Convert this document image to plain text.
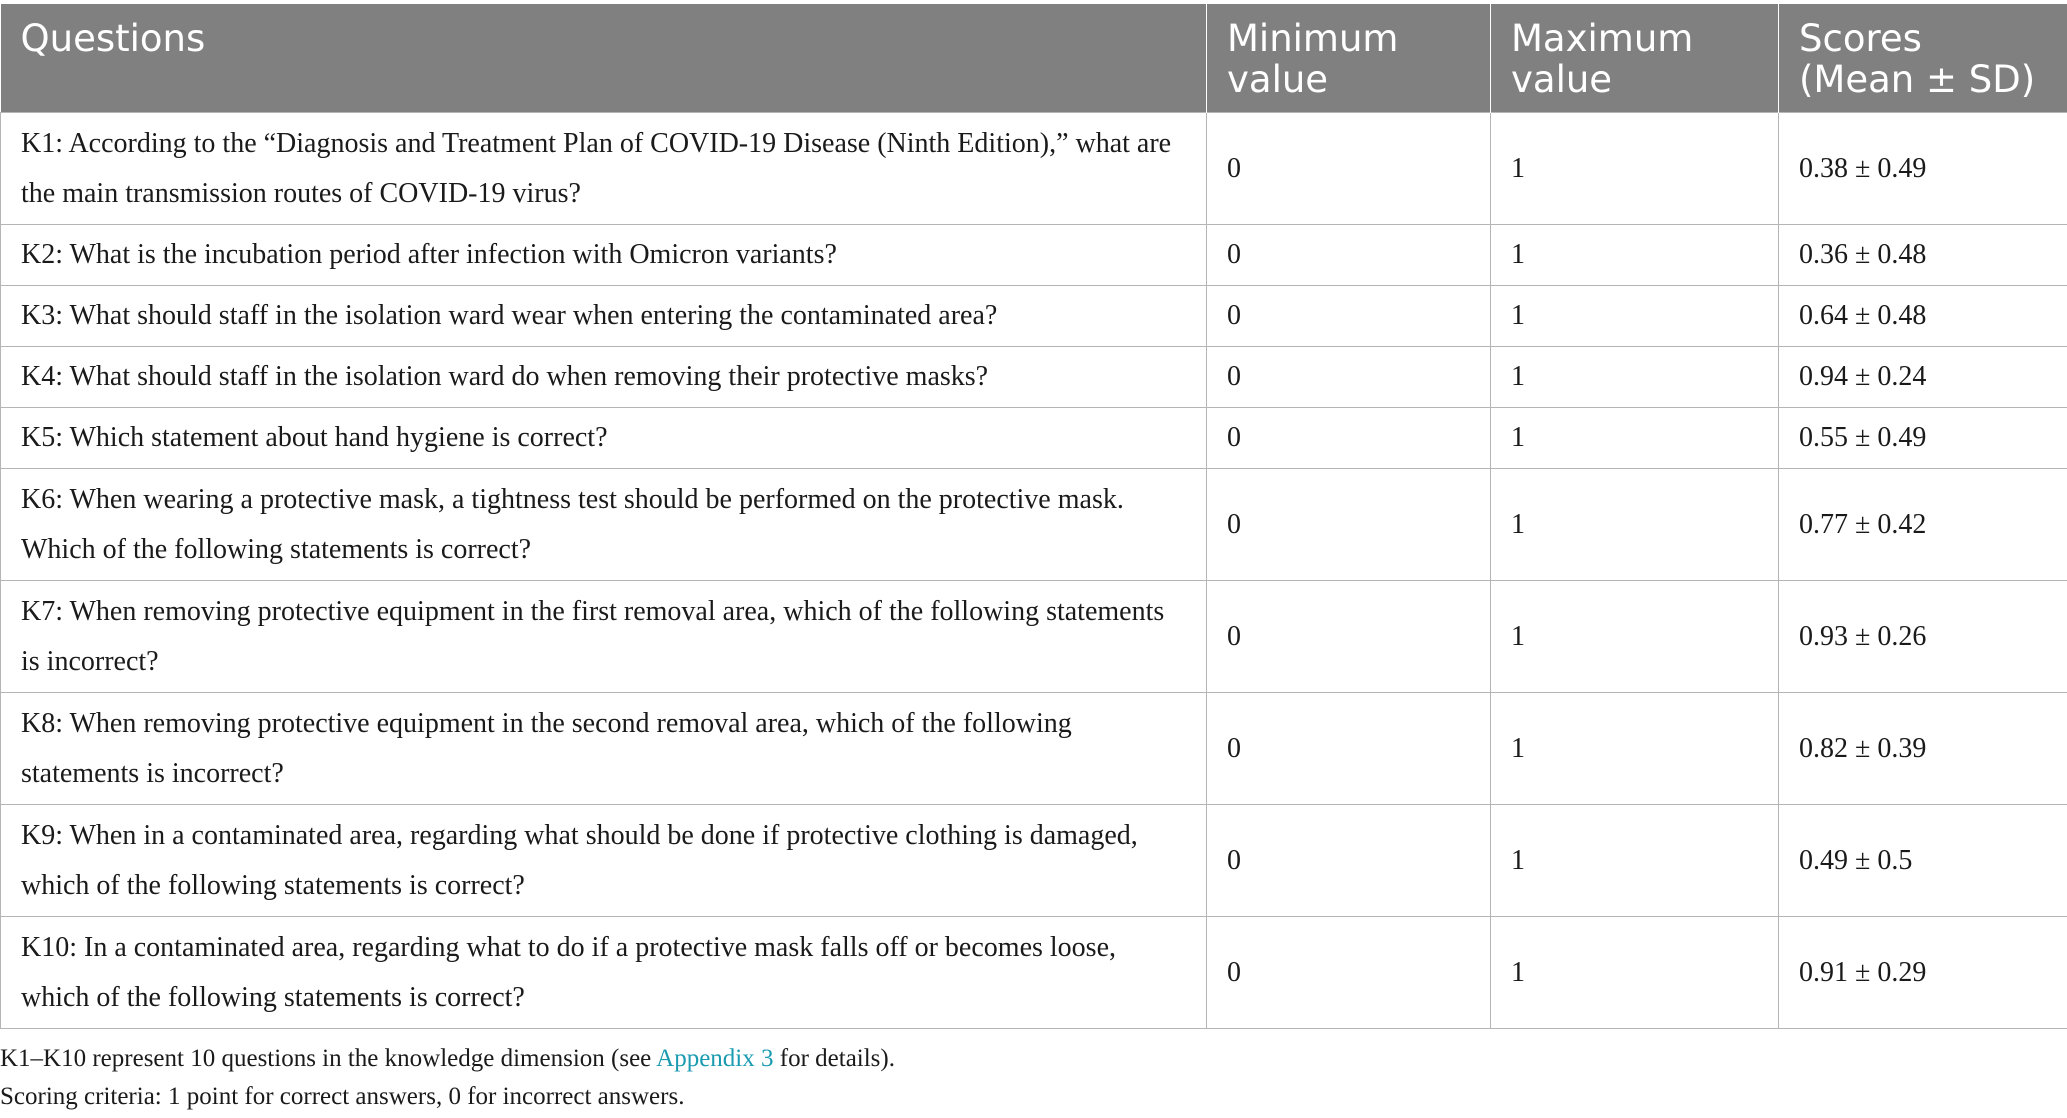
Questions	Minimum value	Maximum value	Scores (Mean ± SD)
K1: According to the “Diagnosis and Treatment Plan of COVID-19 Disease (Ninth Edition),” what are the main transmission routes of COVID-19 virus?	0	1	0.38 ± 0.49
K2: What is the incubation period after infection with Omicron variants?	0	1	0.36 ± 0.48
K3: What should staff in the isolation ward wear when entering the contaminated area?	0	1	0.64 ± 0.48
K4: What should staff in the isolation ward do when removing their protective masks?	0	1	0.94 ± 0.24
K5: Which statement about hand hygiene is correct?	0	1	0.55 ± 0.49
K6: When wearing a protective mask, a tightness test should be performed on the protective mask. Which of the following statements is correct?	0	1	0.77 ± 0.42
K7: When removing protective equipment in the first removal area, which of the following statements is incorrect?	0	1	0.93 ± 0.26
K8: When removing protective equipment in the second removal area, which of the following statements is incorrect?	0	1	0.82 ± 0.39
K9: When in a contaminated area, regarding what should be done if protective clothing is damaged, which of the following statements is correct?	0	1	0.49 ± 0.5
K10: In a contaminated area, regarding what to do if a protective mask falls off or becomes loose, which of the following statements is correct?	0	1	0.91 ± 0.29
K1–K10 represent 10 questions in the knowledge dimension (see Appendix 3 for details).
Scoring criteria: 1 point for correct answers, 0 for incorrect answers.
